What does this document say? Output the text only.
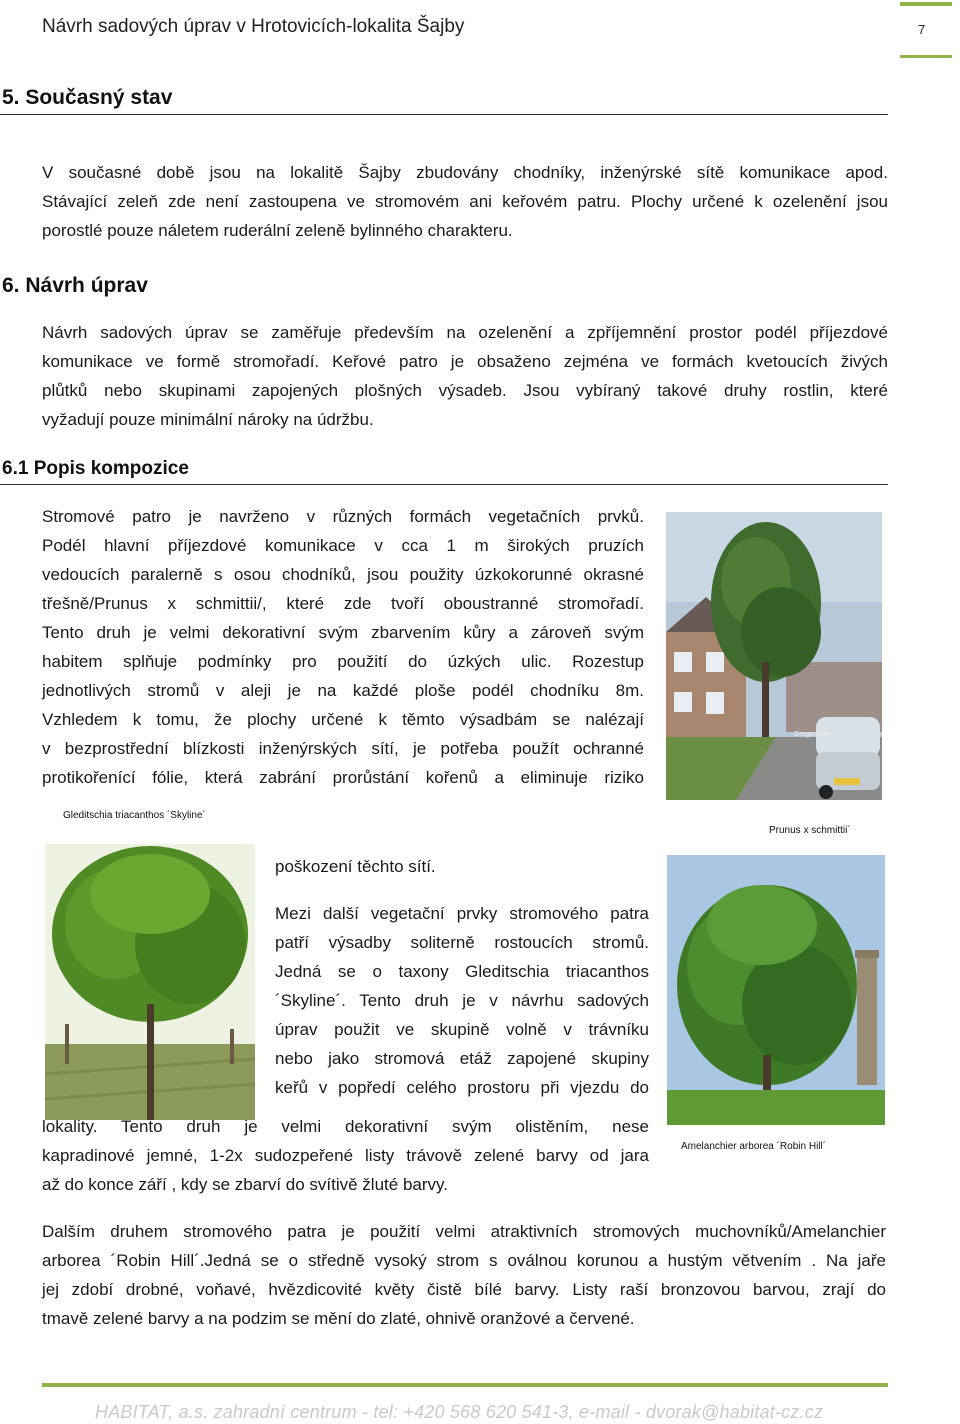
Návrh sadových úprav v Hrotovicích-lokalita Šajby	7
5. Současný stav
V současné době jsou na lokalitě Šajby zbudovány chodníky, inženýrské sítě komunikace apod.
Stávající zeleň zde není zastoupena ve stromovém ani keřovém patru. Plochy určené k ozelenění jsou
porostlé pouze náletem ruderální zeleně bylinného charakteru.
6. Návrh úprav
Návrh sadových úprav se zaměřuje především na ozelenění a zpříjemnění prostor podél příjezdové
komunikace ve formě stromořadí. Keřové patro je obsaženo zejména ve formách kvetoucích živých
plůtků nebo skupinami zapojených plošných výsadeb. Jsou vybíraný takové druhy rostlin, které
vyžadují pouze minimální nároky na údržbu.
6.1 Popis kompozice
Stromové patro je navrženo v různých formách vegetačních prvků.
Podél hlavní příjezdové komunikace v cca 1 m širokých pruzích
vedoucích paralerně s osou chodníků, jsou použity úzkokorunné okrasné
třešně/Prunus x schmittii/, které zde tvoří oboustranné stromořadí.
Tento druh je velmi dekorativní svým zbarvením kůry a zároveň svým
habitem splňuje podmínky pro použití do úzkých ulic. Rozestup
jednotlivých stromů v aleji je na každé ploše podél chodníku 8m.
Vzhledem k tomu, že plochy určené k těmto výsadbám se nalézají
v bezprostřední blízkosti inženýrských sítí, je potřeba použít ochranné
protikořenící fólie, která zabrání prorůstání kořenů a eliminuje riziko
Gregor Mey
Gleditschia triacanthos ´Skyline´
Prunus x schmittii´
poškození těchto sítí.
Mezi další vegetační prvky stromového patra
patří výsadby soliterně rostoucích stromů.
Jedná se o taxony Gleditschia triacanthos
´Skyline´. Tento druh je v návrhu sadových
úprav použit ve skupině volně v trávníku
nebo jako stromová etáž zapojené skupiny
keřů v popředí celého prostoru při vjezdu do
Amelanchier arborea ´Robin Hill´
lokality. Tento druh je velmi dekorativní svým olistěním, nese
kapradinové jemné, 1-2x sudozpeřené listy trávově zelené barvy od jara
až do konce září , kdy se zbarví do svítivě žluté barvy.
Dalším druhem stromového patra je použití velmi atraktivních stromových muchovníků/Amelanchier
arborea ´Robin Hill´.Jedná se o středně vysoký strom s oválnou korunou a hustým větvením . Na jaře
jej zdobí drobné, voňavé, hvězdicovité květy čistě bílé barvy. Listy raší bronzovou barvou, zrají do
tmavě zelené barvy a na podzim se mění do zlaté, ohnivě oranžové a červené.
HABITAT, a.s. zahradní centrum - tel: +420 568 620 541-3, e-mail - dvorak@habitat-cz.cz
